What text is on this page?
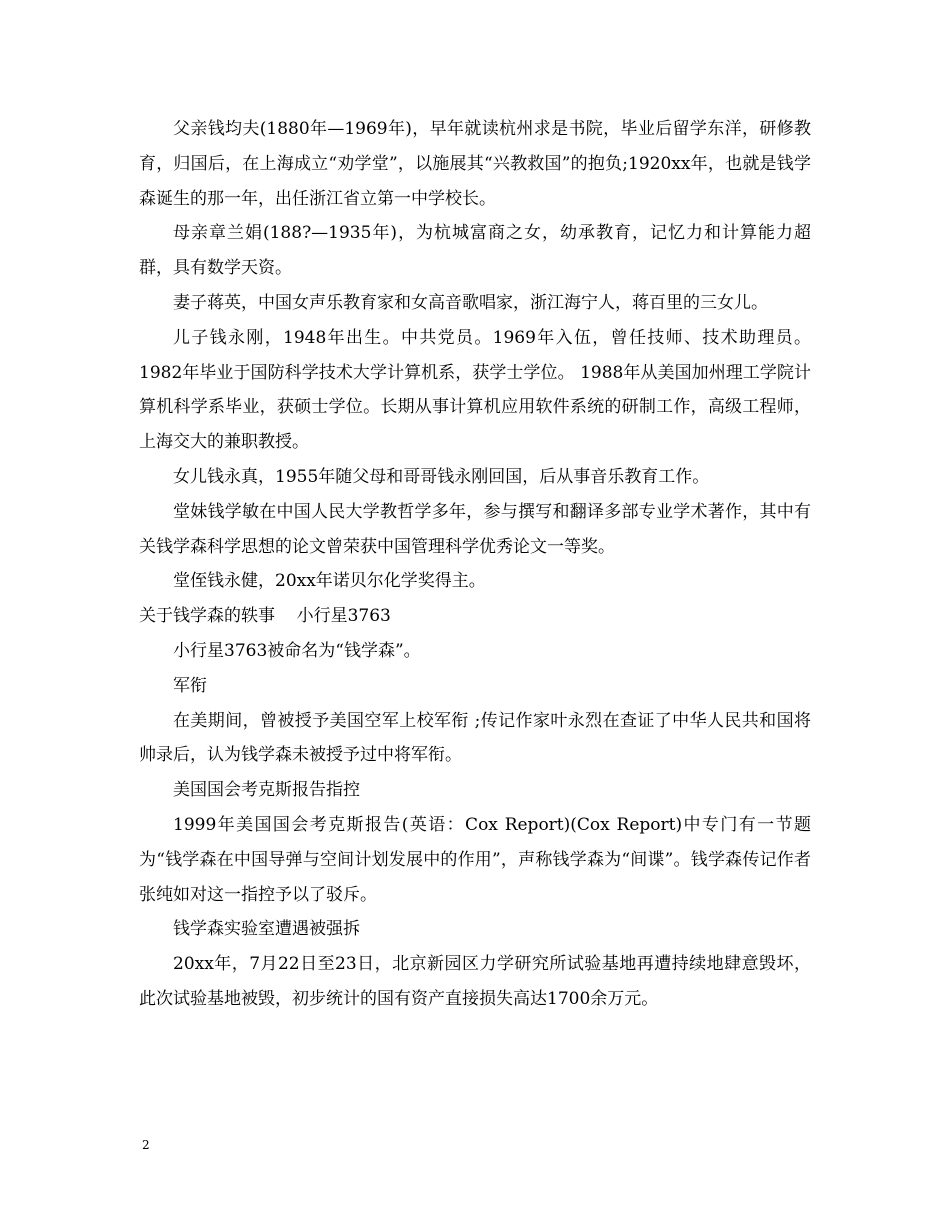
父亲钱均夫(1880年—1969年)，早年就读杭州求是书院，毕业后留学东洋，研修教育，归国后，在上海成立“劝学堂”，以施展其“兴教救国”的抱负;1920xx年，也就是钱学森诞生的那一年，出任浙江省立第一中学校长。

母亲章兰娟(188?—1935年)，为杭城富商之女，幼承教育，记忆力和计算能力超群，具有数学天资。

妻子蒋英，中国女声乐教育家和女高音歌唱家，浙江海宁人，蒋百里的三女儿。

儿子钱永刚，1948年出生。中共党员。1969年入伍，曾任技师、技术助理员。1982年毕业于国防科学技术大学计算机系，获学士学位。 1988年从美国加州理工学院计算机科学系毕业，获硕士学位。长期从事计算机应用软件系统的研制工作，高级工程师，上海交大的兼职教授。

女儿钱永真，1955年随父母和哥哥钱永刚回国，后从事音乐教育工作。

堂妹钱学敏在中国人民大学教哲学多年，参与撰写和翻译多部专业学术著作，其中有关钱学森科学思想的论文曾荣获中国管理科学优秀论文一等奖。

堂侄钱永健，20xx年诺贝尔化学奖得主。

关于钱学森的轶事    小行星3763

小行星3763被命名为“钱学森”。

军衔

在美期间，曾被授予美国空军上校军衔 ;传记作家叶永烈在查证了中华人民共和国将帅录后，认为钱学森未被授予过中将军衔。

美国国会考克斯报告指控

1999年美国国会考克斯报告(英语：Cox Report)(Cox Report)中专门有一节题为“钱学森在中国导弹与空间计划发展中的作用”，声称钱学森为“间谍”。钱学森传记作者张纯如对这一指控予以了驳斥。

钱学森实验室遭遇被强拆

20xx年，7月22日至23日，北京新园区力学研究所试验基地再遭持续地肆意毁坏，此次试验基地被毁，初步统计的国有资产直接损失高达1700余万元。

2
